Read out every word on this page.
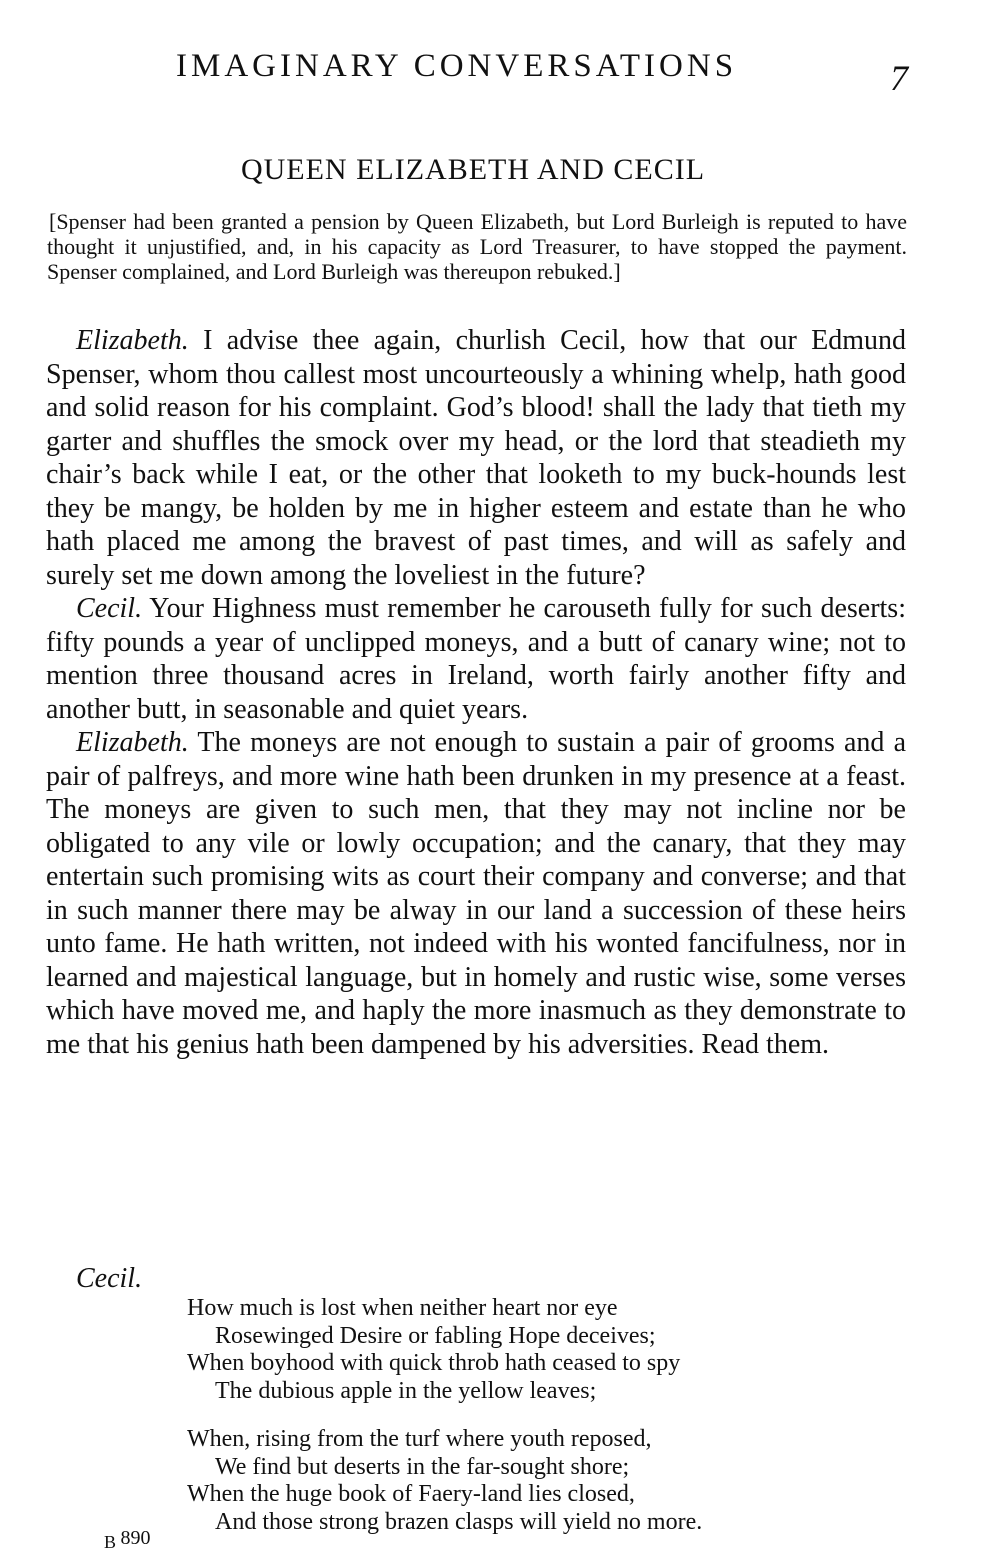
IMAGINARY CONVERSATIONS	7
QUEEN ELIZABETH AND CECIL

[Spenser had been granted a pension by Queen Elizabeth, but Lord Burleigh is reputed to have thought it unjustified, and, in his capacity as Lord Treasurer, to have stopped the payment. Spenser complained, and Lord Burleigh was thereupon rebuked.]

Elizabeth. I advise thee again, churlish Cecil, how that our Edmund Spenser, whom thou callest most uncourteously a whining whelp, hath good and solid reason for his complaint. God’s blood! shall the lady that tieth my garter and shuffles the smock over my head, or the lord that steadieth my chair’s back while I eat, or the other that looketh to my buck-hounds lest they be mangy, be holden by me in higher esteem and estate than he who hath placed me among the bravest of past times, and will as safely and surely set me down among the loveliest in the future?

Cecil. Your Highness must remember he carouseth fully for such deserts: fifty pounds a year of unclipped moneys, and a butt of canary wine; not to mention three thousand acres in Ireland, worth fairly another fifty and another butt, in seasonable and quiet years.

Elizabeth. The moneys are not enough to sustain a pair of grooms and a pair of palfreys, and more wine hath been drunken in my presence at a feast. The moneys are given to such men, that they may not incline nor be obligated to any vile or lowly occupation; and the canary, that they may entertain such promising wits as court their company and converse; and that in such manner there may be alway in our land a succession of these heirs unto fame. He hath written, not indeed with his wonted fancifulness, nor in learned and majestical language, but in homely and rustic wise, some verses which have moved me, and haply the more inasmuch as they demonstrate to me that his genius hath been dampened by his adversities. Read them.

Cecil.
How much is lost when neither heart nor eye
Rosewinged Desire or fabling Hope deceives;
When boyhood with quick throb hath ceased to spy
The dubious apple in the yellow leaves;
When, rising from the turf where youth reposed,
We find but deserts in the far-sought shore;
When the huge book of Faery-land lies closed,
And those strong brazen clasps will yield no more.
B 890
